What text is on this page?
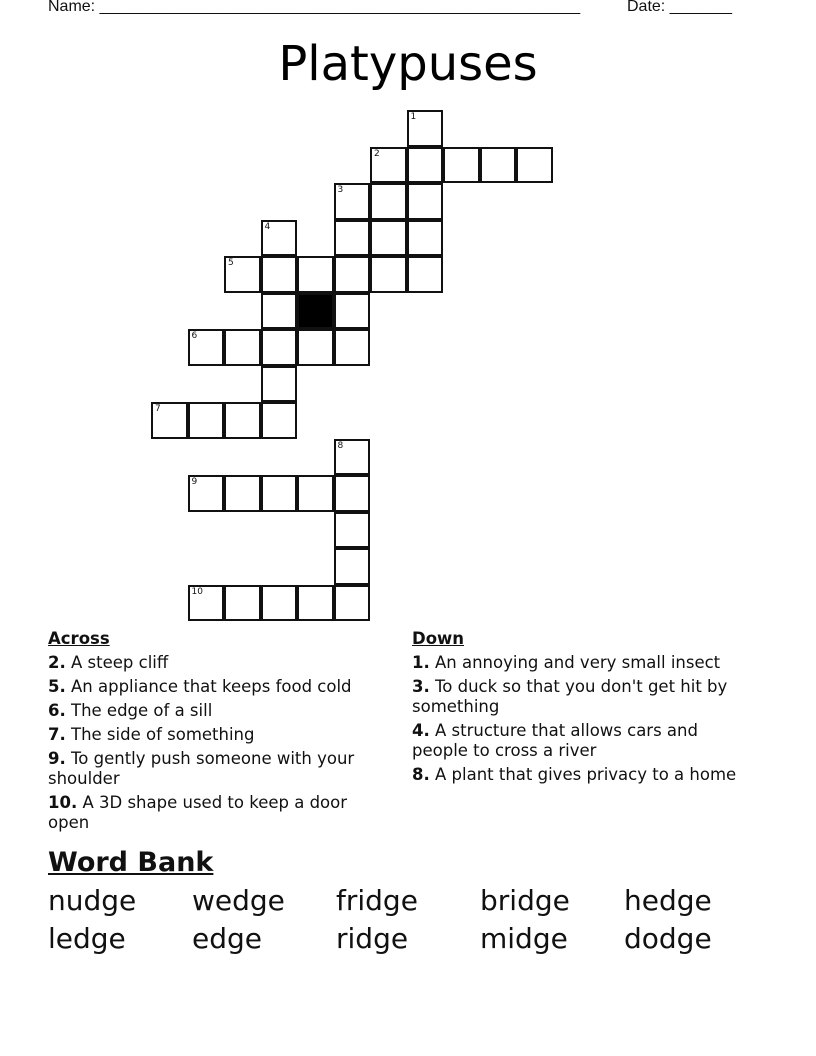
Name: ______________________________________________________	Date: _______
Platypuses
1
2
3
4
5
6
7
8
9
10
Across
2. A steep cliff
5. An appliance that keeps food cold
6. The edge of a sill
7. The side of something
9. To gently push someone with your shoulder
10. A 3D shape used to keep a door open
Down
1. An annoying and very small insect
3. To duck so that you don't get hit by something
4. A structure that allows cars and people to cross a river
8. A plant that gives privacy to a home
Word Bank
nudge wedge fridge bridge hedge
ledge edge	ridge	midge dodge
